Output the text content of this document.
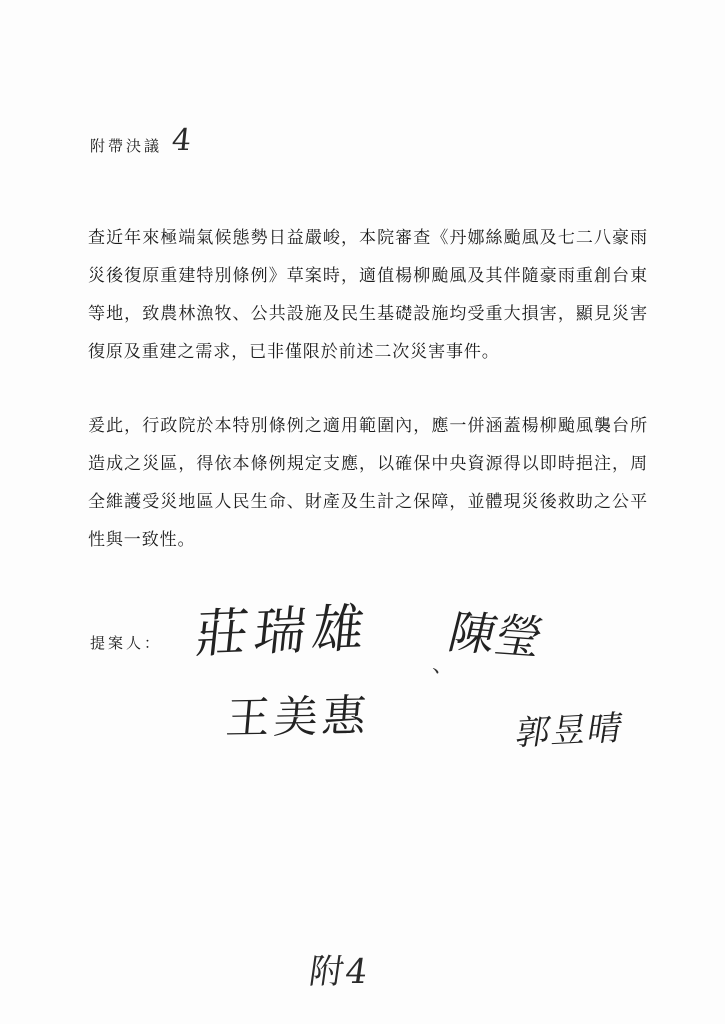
附帶決議 4

查近年來極端氣候態勢日益嚴峻，本院審查《丹娜絲颱風及七二八豪雨災後復原重建特別條例》草案時，適值楊柳颱風及其伴隨豪雨重創台東等地，致農林漁牧、公共設施及民生基礎設施均受重大損害，顯見災害復原及重建之需求，已非僅限於前述二次災害事件。

爰此，行政院於本特別條例之適用範圍內，應一併涵蓋楊柳颱風襲台所造成之災區，得依本條例規定支應，以確保中央資源得以即時挹注，周全維護受災地區人民生命、財產及生計之保障，並體現災後救助之公平性與一致性。

提案人： 莊瑞雄
、
陳瑩
王美惠	郭昱晴
附4
